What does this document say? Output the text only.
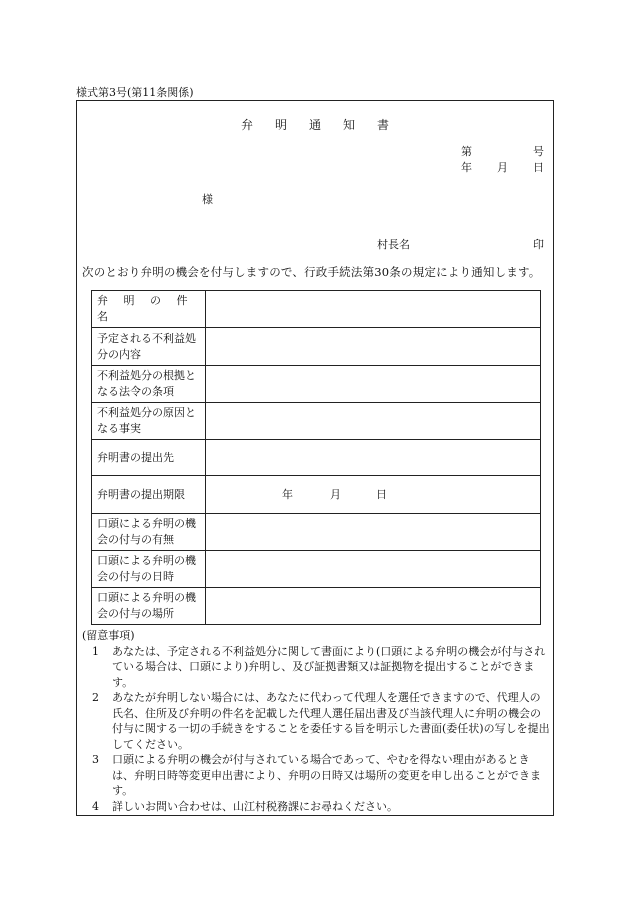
様式第3号(第11条関係)
弁明通知書
第	号
年 月 日
様
村長名	印
次のとおり弁明の機会を付与しますので、行政手続法第30条の規定により通知します。
弁 明 の 件 名	
予定される不利益処分の内容	
不利益処分の根拠となる法令の条項	
不利益処分の原因となる事実	
弁明書の提出先	
弁明書の提出期限	年 月 日

口頭による弁明の機会の付与の有無	
口頭による弁明の機会の付与の日時	
口頭による弁明の機会の付与の場所	
(留意事項)
1	あなたは、予定される不利益処分に関して書面により(口頭による弁明の機会が付与されている場合は、口頭により)弁明し、及び証拠書類又は証拠物を提出することができます。
2	あなたが弁明しない場合には、あなたに代わって代理人を選任できますので、代理人の氏名、住所及び弁明の件名を記載した代理人選任届出書及び当該代理人に弁明の機会の付与に関する一切の手続きをすることを委任する旨を明示した書面(委任状)の写しを提出してください。
3	口頭による弁明の機会が付与されている場合であって、やむを得ない理由があるときは、弁明日時等変更申出書により、弁明の日時又は場所の変更を申し出ることができます。
4	詳しいお問い合わせは、山江村税務課にお尋ねください。
